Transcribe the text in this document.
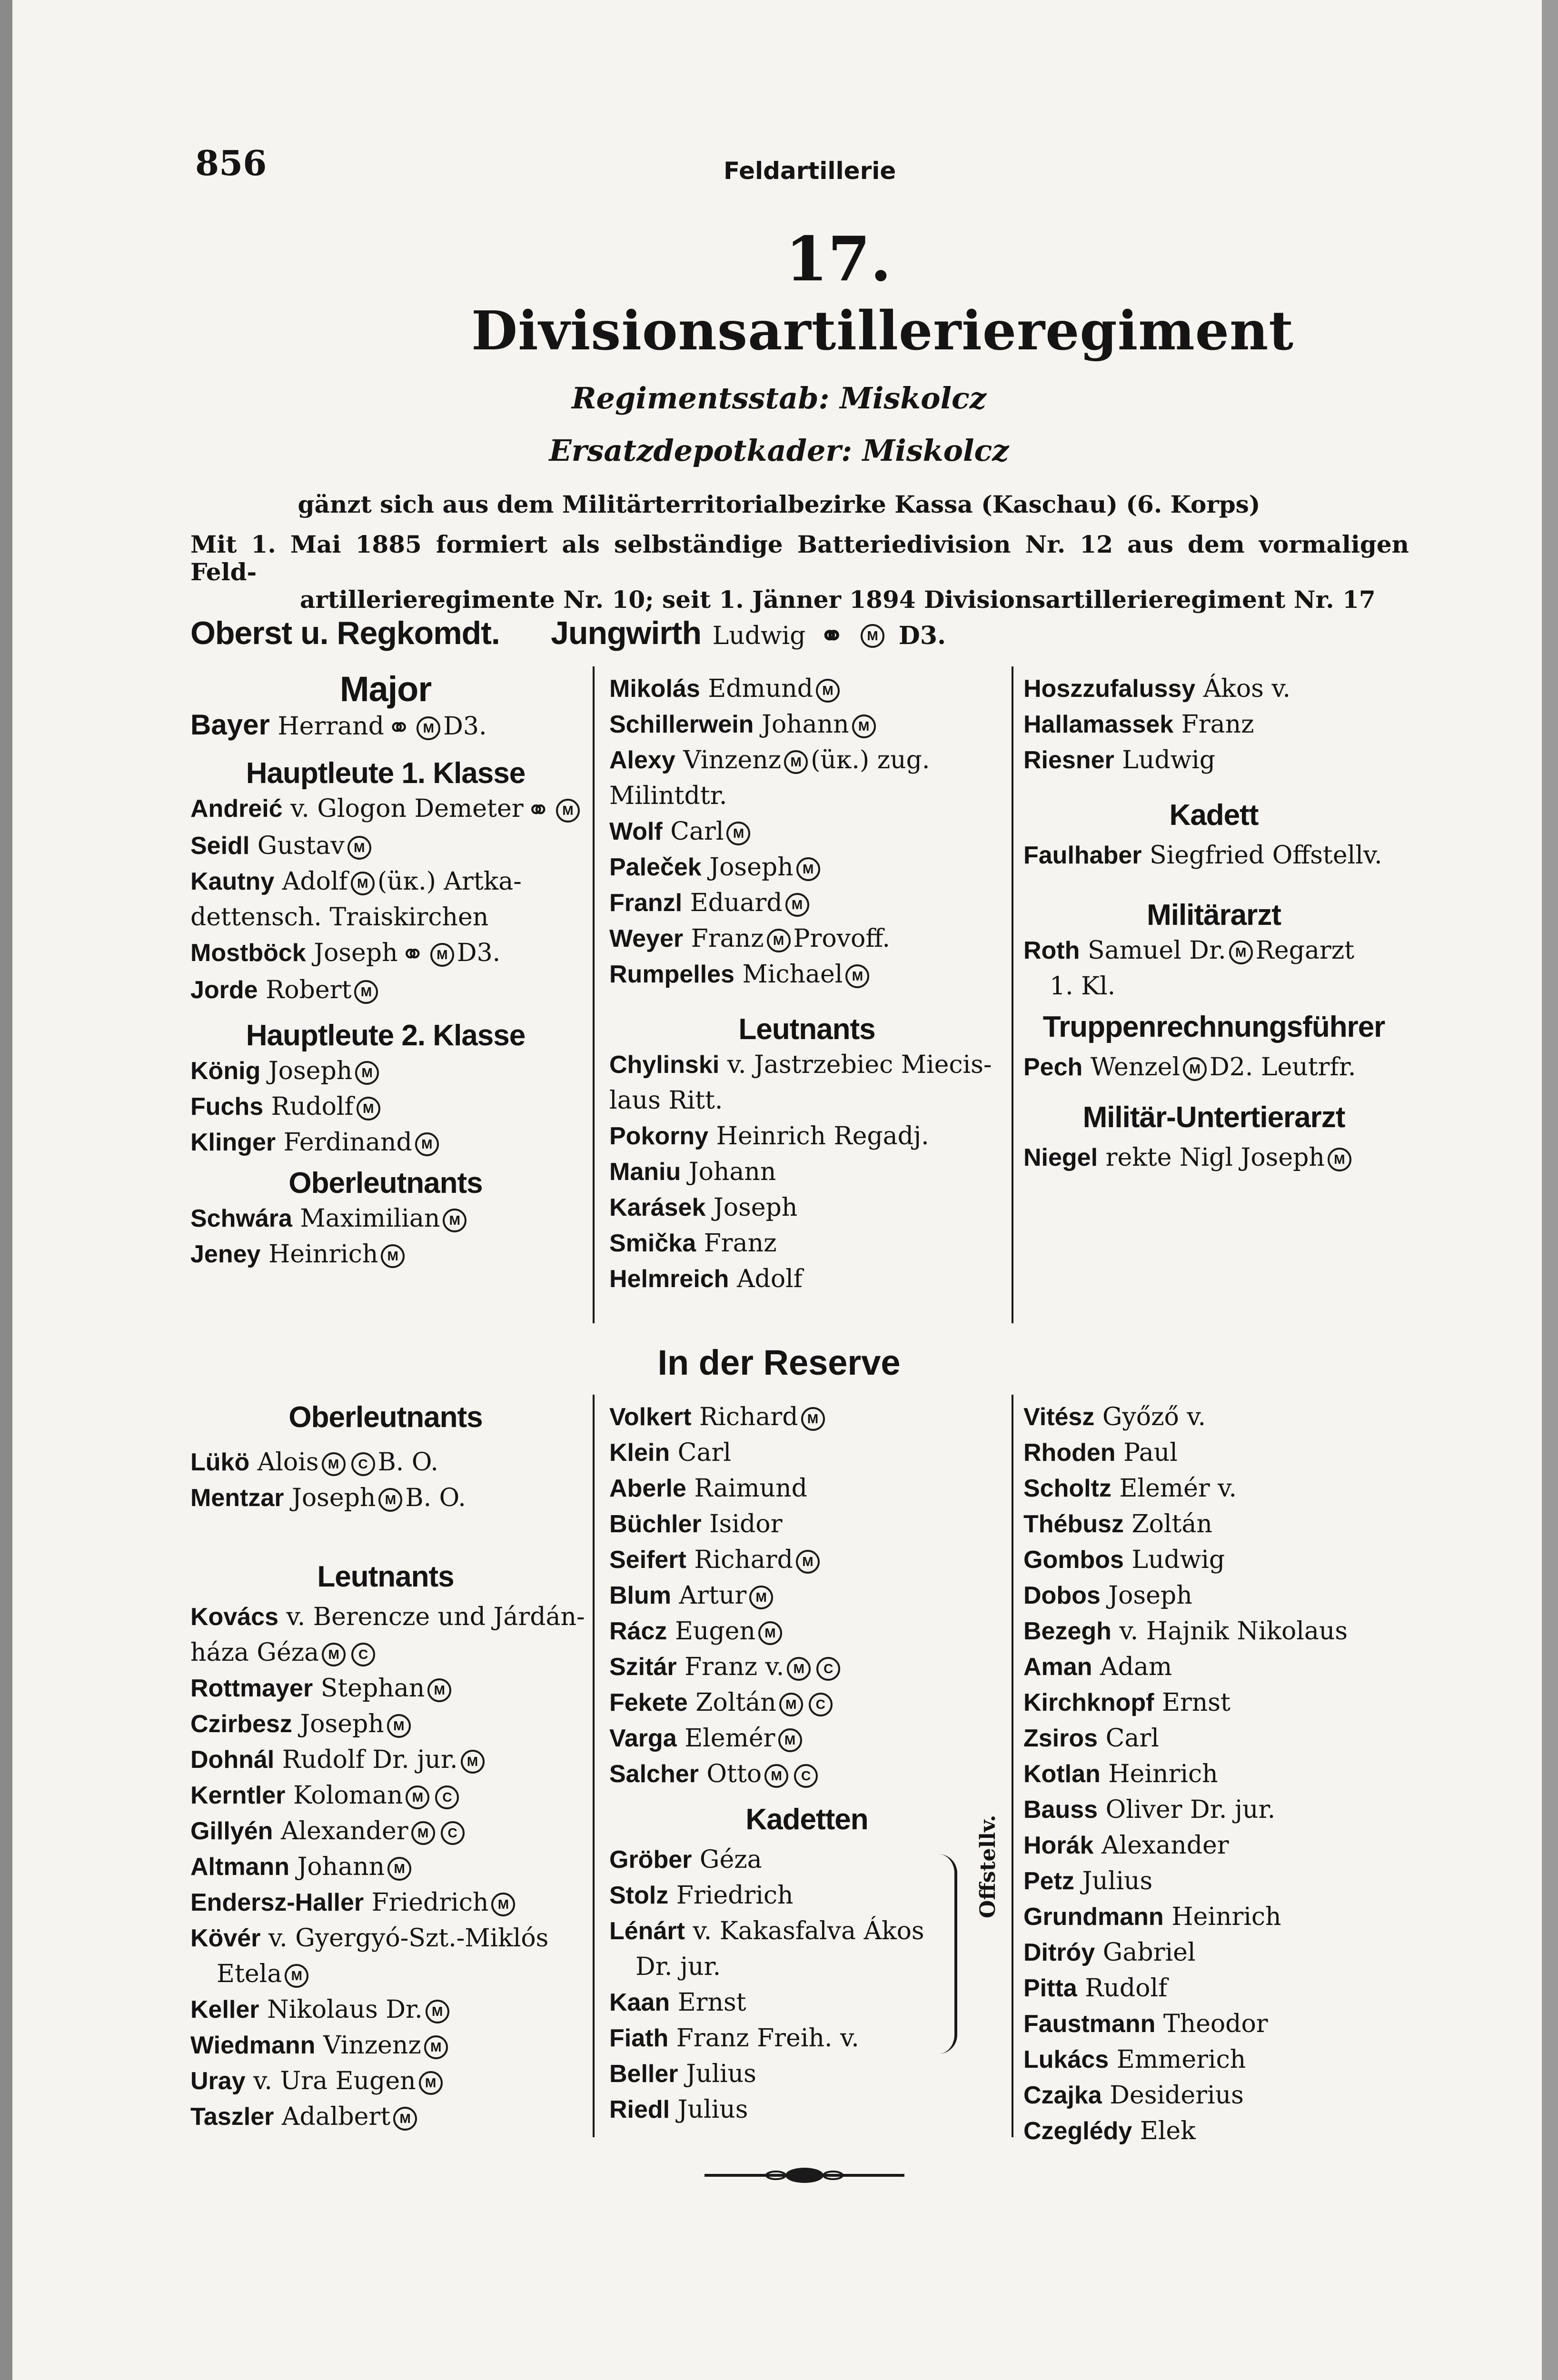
856	Feldartillerie
17.
Divisionsartillerieregiment
Regimentsstab: Miskolcz
Ersatzdepotkader: Miskolcz
gänzt sich aus dem Militärterritorialbezirke Kassa (Kaschau) (6. Korps)
Mit 1. Mai 1885 formiert als selbständige Batteriedivision Nr. 12 aus dem vormaligen Feld-
artillerieregimente Nr. 10; seit 1. Jänner 1894 Divisionsartillerieregiment Nr. 17
Oberst u. Regkomdt. Jungwirth Ludwig ⚭ M D3.
Major
Bayer Herrand ⚭ M D3.
Hauptleute 1. Klasse
Andreić v. Glogon Demeter ⚭ M
Seidl Gustav M
Kautny Adolf M (üк.) Artka-
dettensch. Traiskirchen
Mostböck Joseph ⚭ M D3.
Jorde Robert M
Hauptleute 2. Klasse
König Joseph M
Fuchs Rudolf M
Klinger Ferdinand M
Oberleutnants
Schwára Maximilian M
Jeney Heinrich M
Mikolás Edmund M
Schillerwein Johann M
Alexy Vinzenz M (üк.) zug.
Milintdtr.
Wolf Carl M
Paleček Joseph M
Franzl Eduard M
Weyer Franz M Provoff.
Rumpelles Michael M
Leutnants
Chylinski v. Jastrzebiec Miecis-
laus Ritt.
Pokorny Heinrich Regadj.
Maniu Johann
Karásek Joseph
Smička Franz
Helmreich Adolf
Hoszzufalussy Ákos v.
Hallamassek Franz
Riesner Ludwig
Kadett
Faulhaber Siegfried Offstellv.
Militärarzt
Roth Samuel Dr. M Regarzt
1. Kl.
Truppenrechnungsführer
Pech Wenzel M D2. Leutrfr.
Militär-Untertierarzt
Niegel rekte Nigl Joseph M
In der Reserve
Oberleutnants
Lükö Alois M C B. O.
Mentzar Joseph M B. O.
Leutnants
Kovács v. Berencze und Járdán-
háza Géza M C
Rottmayer Stephan M
Czirbesz Joseph M
Dohnál Rudolf Dr. jur. M
Kerntler Koloman M C
Gillyén Alexander M C
Altmann Johann M
Endersz-Haller Friedrich M
Kövér v. Gyergyó-Szt.-Miklós
Etela M
Keller Nikolaus Dr. M
Wiedmann Vinzenz M
Uray v. Ura Eugen M
Taszler Adalbert M
Volkert Richard M
Klein Carl
Aberle Raimund
Büchler Isidor
Seifert Richard M
Blum Artur M
Rácz Eugen M
Szitár Franz v. M C
Fekete Zoltán M C
Varga Elemér M
Salcher Otto M C
Kadetten
Gröber Géza
Stolz Friedrich
Lénárt v. Kakasfalva Ákos
Dr. jur.
Kaan Ernst
Fiath Franz Freih. v.
Beller Julius
Riedl Julius
Offstellv.
Vitész Győző v.
Rhoden Paul
Scholtz Elemér v.
Thébusz Zoltán
Gombos Ludwig
Dobos Joseph
Bezegh v. Hajnik Nikolaus
Aman Adam
Kirchknopf Ernst
Zsiros Carl
Kotlan Heinrich
Bauss Oliver Dr. jur.
Horák Alexander
Petz Julius
Grundmann Heinrich
Ditróy Gabriel
Pitta Rudolf
Faustmann Theodor
Lukács Emmerich
Czajka Desiderius
Czeglédy Elek
